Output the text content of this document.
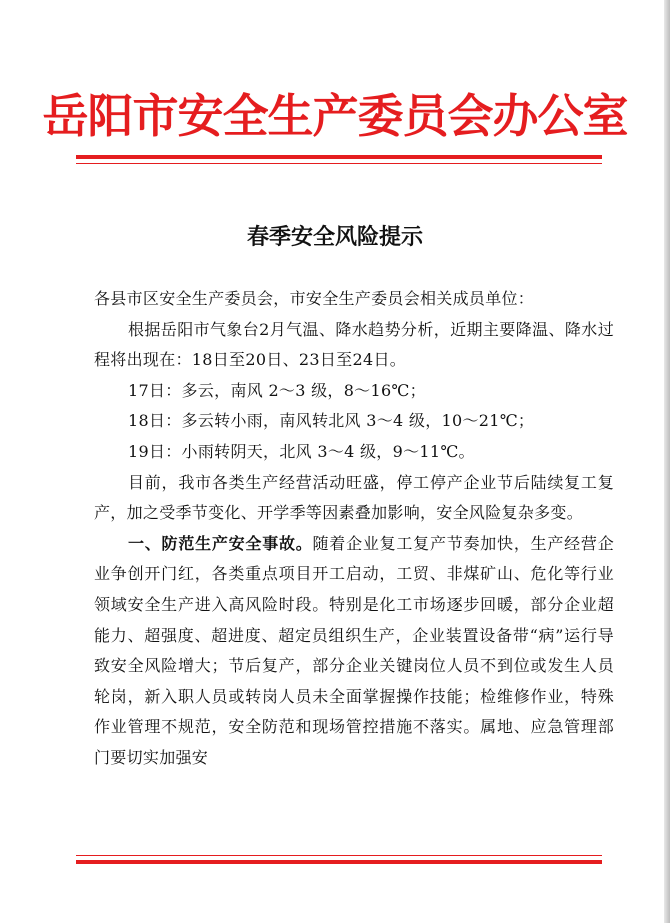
岳阳市安全生产委员会办公室
春季安全风险提示

各县市区安全生产委员会，市安全生产委员会相关成员单位：

根据岳阳市气象台2月气温、降水趋势分析，近期主要降温、降水过程将出现在：18日至20日、23日至24日。

17日：多云，南风 2～3 级，8～16℃；

18日：多云转小雨，南风转北风 3～4 级，10～21℃；

19日：小雨转阴天，北风 3～4 级，9～11℃。

目前，我市各类生产经营活动旺盛，停工停产企业节后陆续复工复产，加之受季节变化、开学季等因素叠加影响，安全风险复杂多变。

一、防范生产安全事故。随着企业复工复产节奏加快，生产经营企业争创开门红，各类重点项目开工启动，工贸、非煤矿山、危化等行业领域安全生产进入高风险时段。特别是化工市场逐步回暖，部分企业超能力、超强度、超进度、超定员组织生产，企业装置设备带“病”运行导致安全风险增大；节后复产，部分企业关键岗位人员不到位或发生人员轮岗，新入职人员或转岗人员未全面掌握操作技能；检维修作业，特殊作业管理不规范，安全防范和现场管控措施不落实。属地、应急管理部门要切实加强安
